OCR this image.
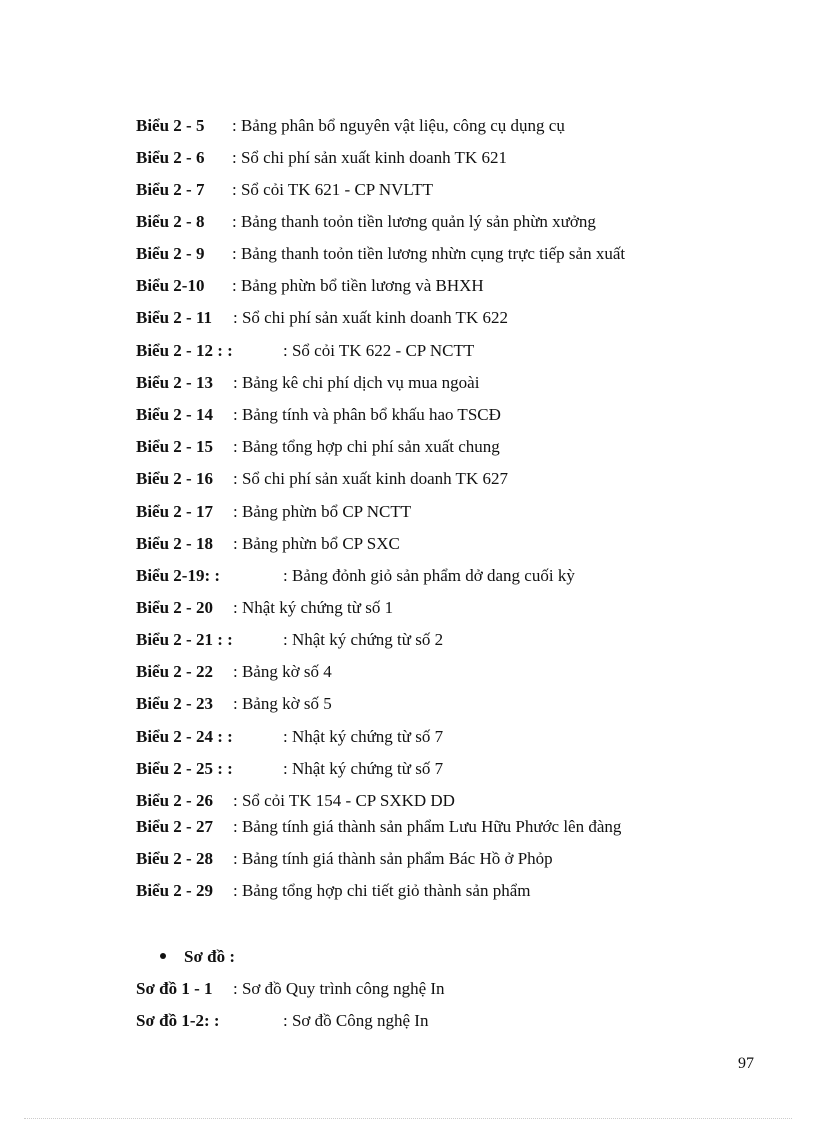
Biểu 2 - 5 : Bảng phân bổ nguyên vật liệu, công cụ dụng cụ
Biểu 2 - 6 : Sổ chi phí sản xuất kinh doanh TK 621
Biểu 2 - 7 : Sổ cỏi TK 621 - CP NVLTT
Biểu 2 - 8 : Bảng thanh toỏn tiền lương quản lý sản phừn xưởng
Biểu 2 - 9 : Bảng thanh toỏn tiền lương nhừn cụng trực tiếp sản xuất
Biểu 2-10 : Bảng phừn bổ tiền lương và BHXH
Biểu 2 - 11 : Sổ chi phí sản xuất kinh doanh TK 622
Biểu 2 - 12 : :	: Sổ cỏi TK 622 - CP NCTT
Biểu 2 - 13 : Bảng kê chi phí dịch vụ mua ngoài
Biểu 2 - 14 : Bảng tính và phân bổ khấu hao TSCĐ
Biểu 2 - 15 : Bảng tổng hợp chi phí sản xuất chung
Biểu 2 - 16 : Sổ chi phí sản xuất kinh doanh TK 627
Biểu 2 - 17 : Bảng phừn bổ CP NCTT
Biểu 2 - 18 : Bảng phừn bổ CP SXC
Biểu 2-19: :	: Bảng đỏnh giỏ sản phẩm dở dang cuối kỳ
Biểu 2 - 20 : Nhật ký chứng từ số 1
Biểu 2 - 21 : :	: Nhật ký chứng từ số 2
Biểu 2 - 22 : Bảng kờ số 4
Biểu 2 - 23 : Bảng kờ số 5
Biểu 2 - 24 : :	: Nhật ký chứng từ số 7
Biểu 2 - 25 : :	: Nhật ký chứng từ số 7
Biểu 2 - 26 : Sổ cỏi TK 154 - CP SXKD DD
Biểu 2 - 27 : Bảng tính giá thành sản phẩm Lưu Hữu Phước lên đàng
Biểu 2 - 28 : Bảng tính giá thành sản phẩm Bác Hồ ở Phỏp
Biểu 2 - 29 : Bảng tổng hợp chi tiết giỏ thành sản phẩm
Sơ đồ 1 - 1 : Sơ đồ Quy trình công nghệ In
Sơ đồ 1-2: :	: Sơ đồ Công nghệ In
97
Sơ đồ :
